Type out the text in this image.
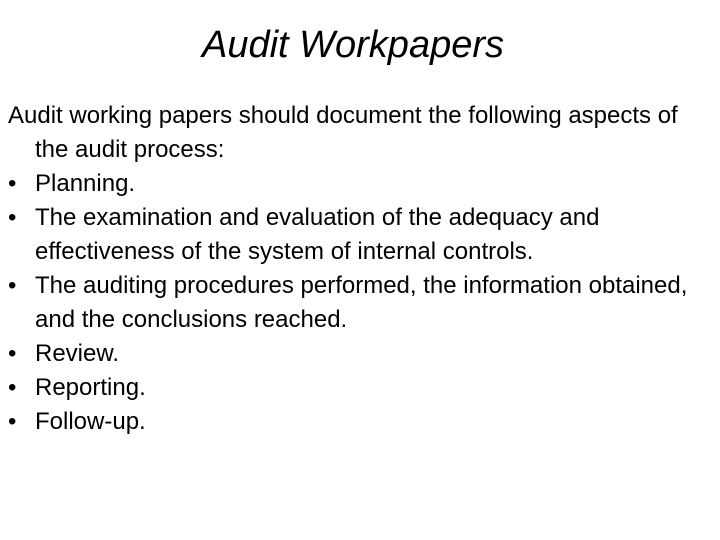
Audit Workpapers

Audit working papers should document the following aspects of the audit process:

• Planning.
• The examination and evaluation of the adequacy and effectiveness of the system of internal controls.
• The auditing procedures performed, the information obtained, and the conclusions reached.
• Review.
• Reporting.
• Follow-up.
